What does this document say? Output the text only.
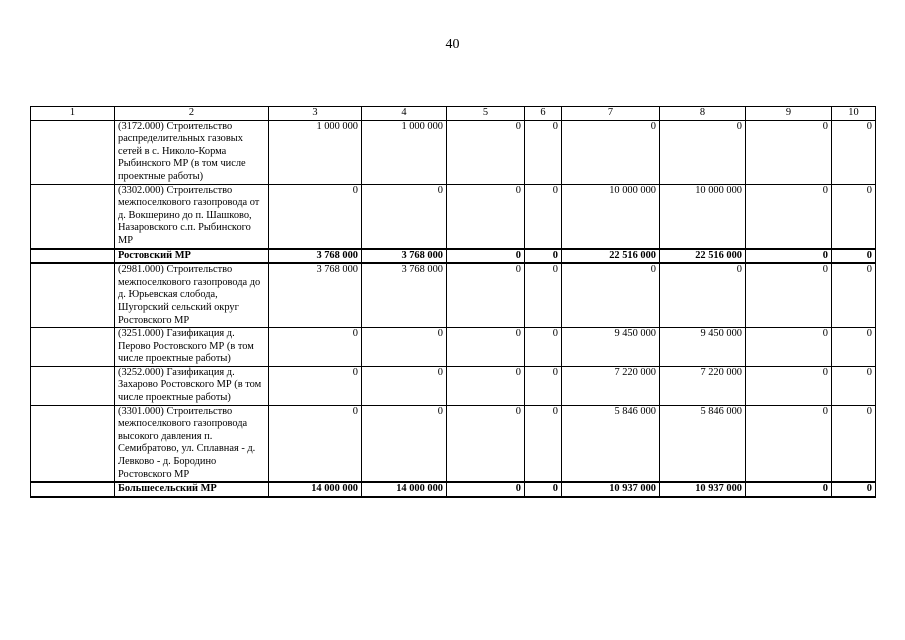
40
1	2	3	4	5	6	7	8	9	10
	(3172.000) Строительство распределительных газовых сетей в с. Николо-Корма Рыбинского МР (в том числе проектные работы)	1 000 000	1 000 000	0	0	0	0	0	0
	(3302.000) Строительство межпоселкового газопровода от д. Вокшерино до п. Шашково, Назаровского с.п. Рыбинского МР	0	0	0	0	10 000 000	10 000 000	0	0
	Ростовский МР	3 768 000	3 768 000	0	0	22 516 000	22 516 000	0	0
	(2981.000) Строительство межпоселкового газопровода до д. Юрьевская слобода, Шугорский сельский округ Ростовского МР	3 768 000	3 768 000	0	0	0	0	0	0
	(3251.000) Газификация д. Перово Ростовского МР (в том числе проектные работы)	0	0	0	0	9 450 000	9 450 000	0	0
	(3252.000) Газификация д. Захарово Ростовского МР (в том числе проектные работы)	0	0	0	0	7 220 000	7 220 000	0	0
	(3301.000) Строительство межпоселкового газопровода высокого давления п. Семибратово, ул. Сплавная - д. Левково - д. Бородино Ростовского МР	0	0	0	0	5 846 000	5 846 000	0	0
	Большесельский МР	14 000 000	14 000 000	0	0	10 937 000	10 937 000	0	0
